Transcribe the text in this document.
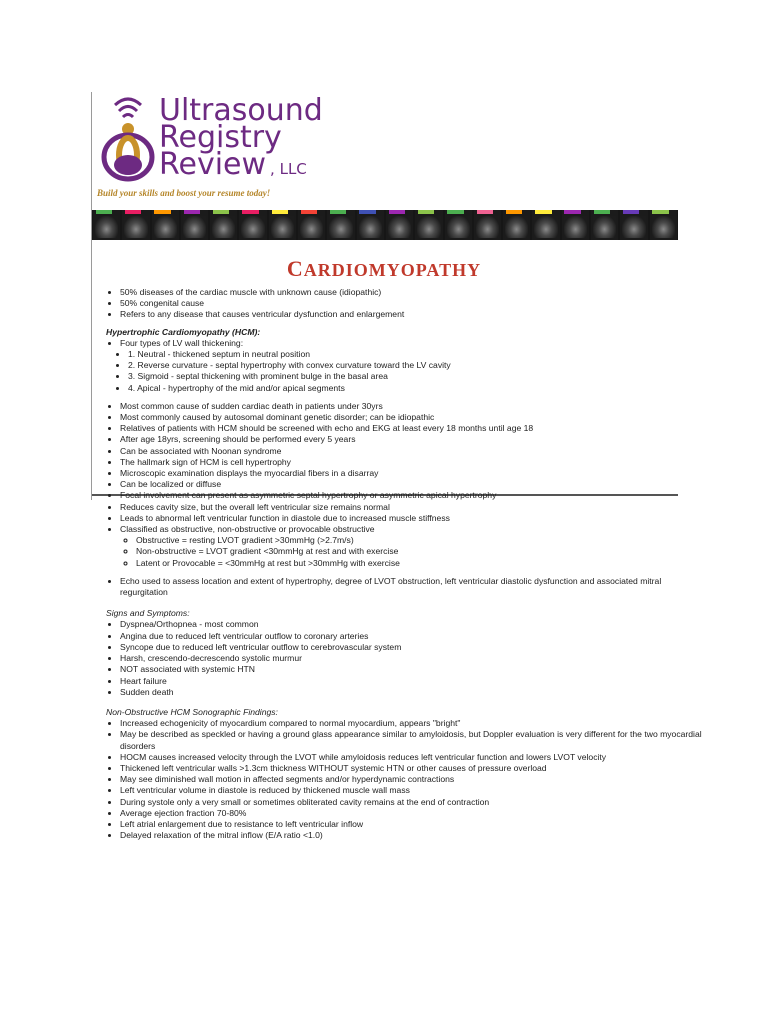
Ultrasound
Registry
Review , LLC
Build your skills and boost your resume today!
CARDIOMYOPATHY
• 50% diseases of the cardiac muscle with unknown cause (idiopathic)
• 50% congenital cause
• Refers to any disease that causes ventricular dysfunction and enlargement
Hypertrophic Cardiomyopathy (HCM):
• Four types of LV wall thickening:
• 1. Neutral - thickened septum in neutral position
• 2. Reverse curvature - septal hypertrophy with convex curvature toward the LV cavity
• 3. Sigmoid - septal thickening with prominent bulge in the basal area
• 4. Apical - hypertrophy of the mid and/or apical segments
• Most common cause of sudden cardiac death in patients under 30yrs
• Most commonly caused by autosomal dominant genetic disorder; can be idiopathic
• Relatives of patients with HCM should be screened with echo and EKG at least every 18 months until age 18
• After age 18yrs, screening should be performed every 5 years
• Can be associated with Noonan syndrome
• The hallmark sign of HCM is cell hypertrophy
• Microscopic examination displays the myocardial fibers in a disarray
• Can be localized or diffuse
• Focal involvement can present as asymmetric septal hypertrophy or asymmetric apical hypertrophy
• Reduces cavity size, but the overall left ventricular size remains normal
• Leads to abnormal left ventricular function in diastole due to increased muscle stiffness
• Classified as obstructive, non-obstructive or provocable obstructive
◦ Obstructive = resting LVOT gradient >30mmHg (>2.7m/s)
◦ Non-obstructive = LVOT gradient <30mmHg at rest and with exercise
◦ Latent or Provocable = <30mmHg at rest but >30mmHg with exercise
• Echo used to assess location and extent of hypertrophy, degree of LVOT obstruction, left ventricular diastolic dysfunction and associated mitral regurgitation
Signs and Symptoms:
• Dyspnea/Orthopnea - most common
• Angina due to reduced left ventricular outflow to coronary arteries
• Syncope due to reduced left ventricular outflow to cerebrovascular system
• Harsh, crescendo-decrescendo systolic murmur
• NOT associated with systemic HTN
• Heart failure
• Sudden death
Non-Obstructive HCM Sonographic Findings:
• Increased echogenicity of myocardium compared to normal myocardium, appears "bright"
• May be described as speckled or having a ground glass appearance similar to amyloidosis, but Doppler evaluation is very different for the two myocardial disorders
• HOCM causes increased velocity through the LVOT while amyloidosis reduces left ventricular function and lowers LVOT velocity
• Thickened left ventricular walls >1.3cm thickness WITHOUT systemic HTN or other causes of pressure overload
• May see diminished wall motion in affected segments and/or hyperdynamic contractions
• Left ventricular volume in diastole is reduced by thickened muscle wall mass
• During systole only a very small or sometimes obliterated cavity remains at the end of contraction
• Average ejection fraction 70-80%
• Left atrial enlargement due to resistance to left ventricular inflow
• Delayed relaxation of the mitral inflow (E/A ratio <1.0)
